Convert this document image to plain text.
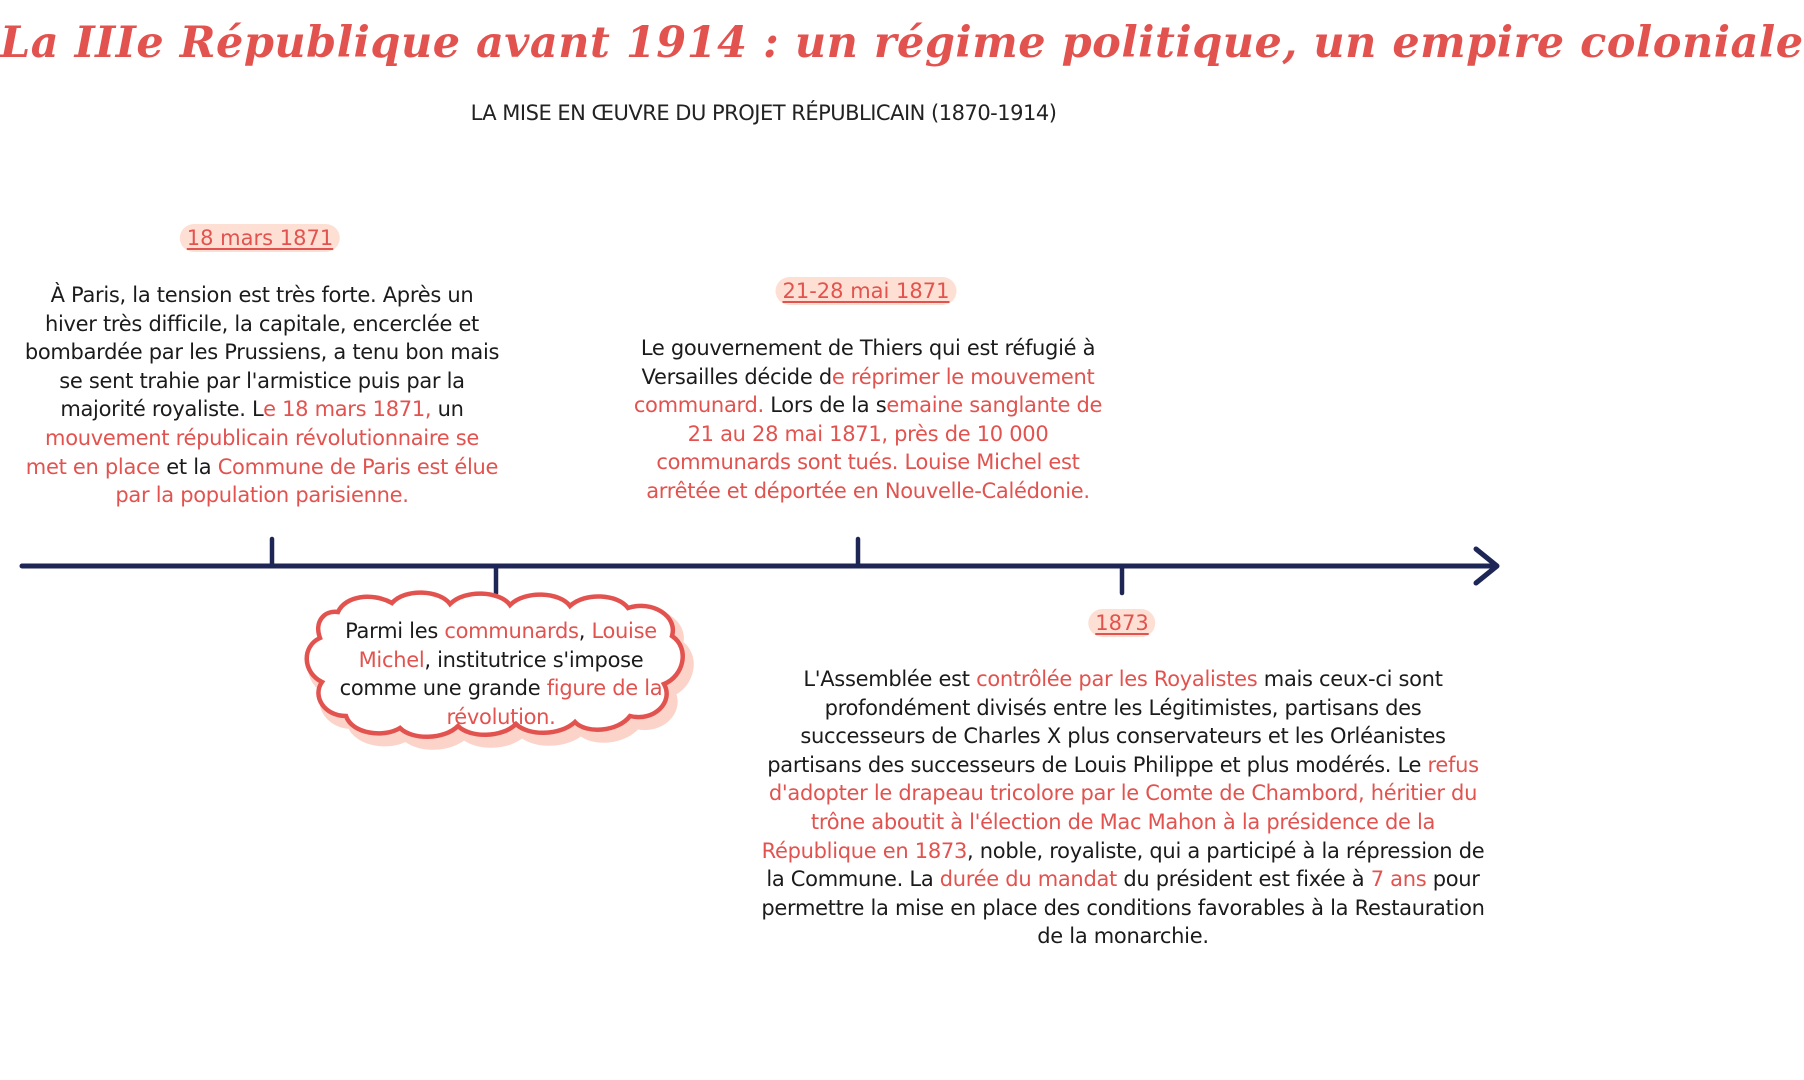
La IIIe République avant 1914 : un régime politique, un empire coloniale
LA MISE EN ŒUVRE DU PROJET RÉPUBLICAIN (1870-1914)
18 mars 1871
À Paris, la tension est très forte. Après un hiver très difficile, la capitale, encerclée et bombardée par les Prussiens, a tenu bon mais se sent trahie par l'armistice puis par la majorité royaliste. Le 18 mars 1871, un mouvement républicain révolutionnaire se met en place et la Commune de Paris est élue par la population parisienne.
21-28 mai 1871
Le gouvernement de Thiers qui est réfugié à Versailles décide de réprimer le mouvement communard. Lors de la semaine sanglante de 21 au 28 mai 1871, près de 10 000 communards sont tués. Louise Michel est arrêtée et déportée en Nouvelle-Calédonie.
Parmi les communards, Louise Michel, institutrice s'impose comme une grande figure de la révolution.
1873
L'Assemblée est contrôlée par les Royalistes mais ceux-ci sont profondément divisés entre les Légitimistes, partisans des successeurs de Charles X plus conservateurs et les Orléanistes partisans des successeurs de Louis Philippe et plus modérés. Le refus d'adopter le drapeau tricolore par le Comte de Chambord, héritier du trône aboutit à l'élection de Mac Mahon à la présidence de la République en 1873, noble, royaliste, qui a participé à la répression de la Commune. La durée du mandat du président est fixée à 7 ans pour permettre la mise en place des conditions favorables à la Restauration de la monarchie.
